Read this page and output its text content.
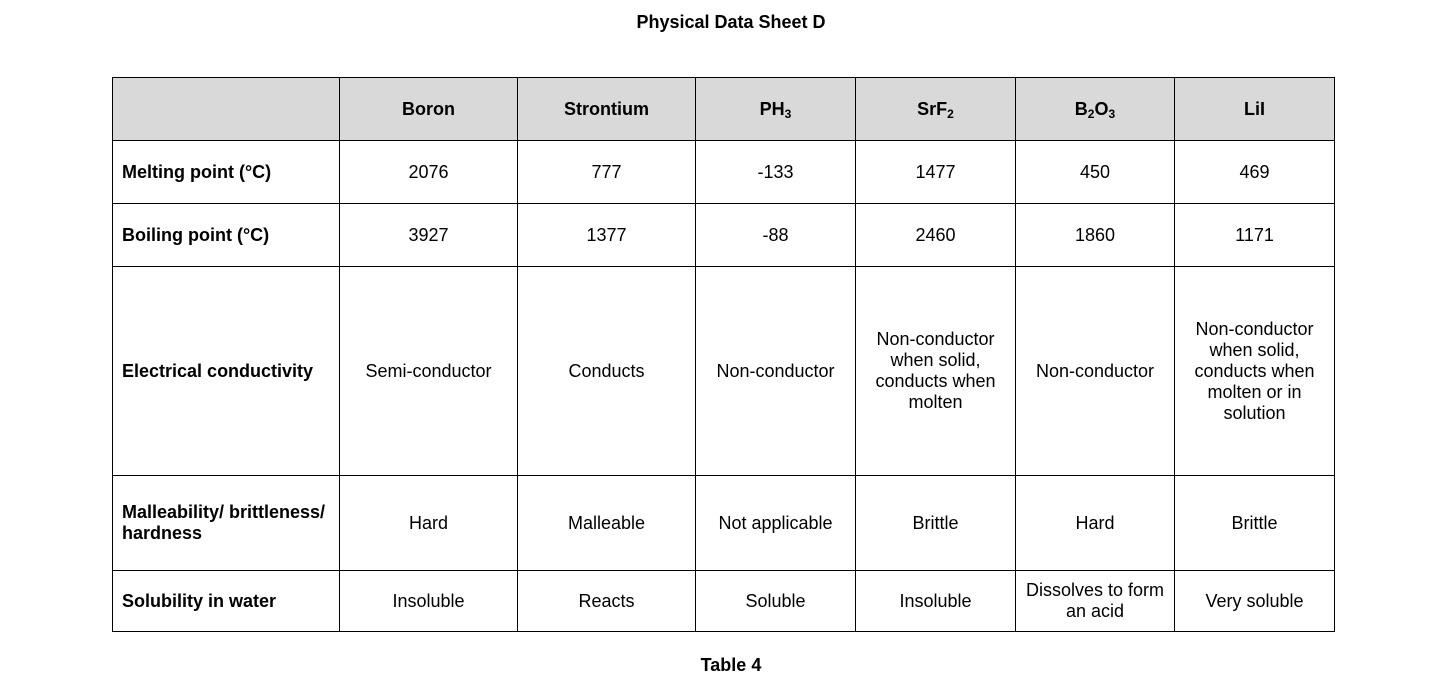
Physical Data Sheet D
	Boron	Strontium	$PH_3$	SrF$_2$	$B_2O_3$	LiI
Melting point (°C)	2076	777	-133	1477	450	469
Boiling point (°C)	3927	1377	-88	2460	1860	1171
Electrical conductivity	Semi-conductor	Conducts	Non-conductor	Non-conductor when solid, conducts when molten	Non-conductor	Non-conductor when solid, conducts when molten or in solution
Malleability/ brittleness/ hardness	Hard	Malleable	Not applicable	Brittle	Hard	Brittle
Solubility in water	Insoluble	Reacts	Soluble	Insoluble	Dissolves to form an acid	Very soluble
Table 4
